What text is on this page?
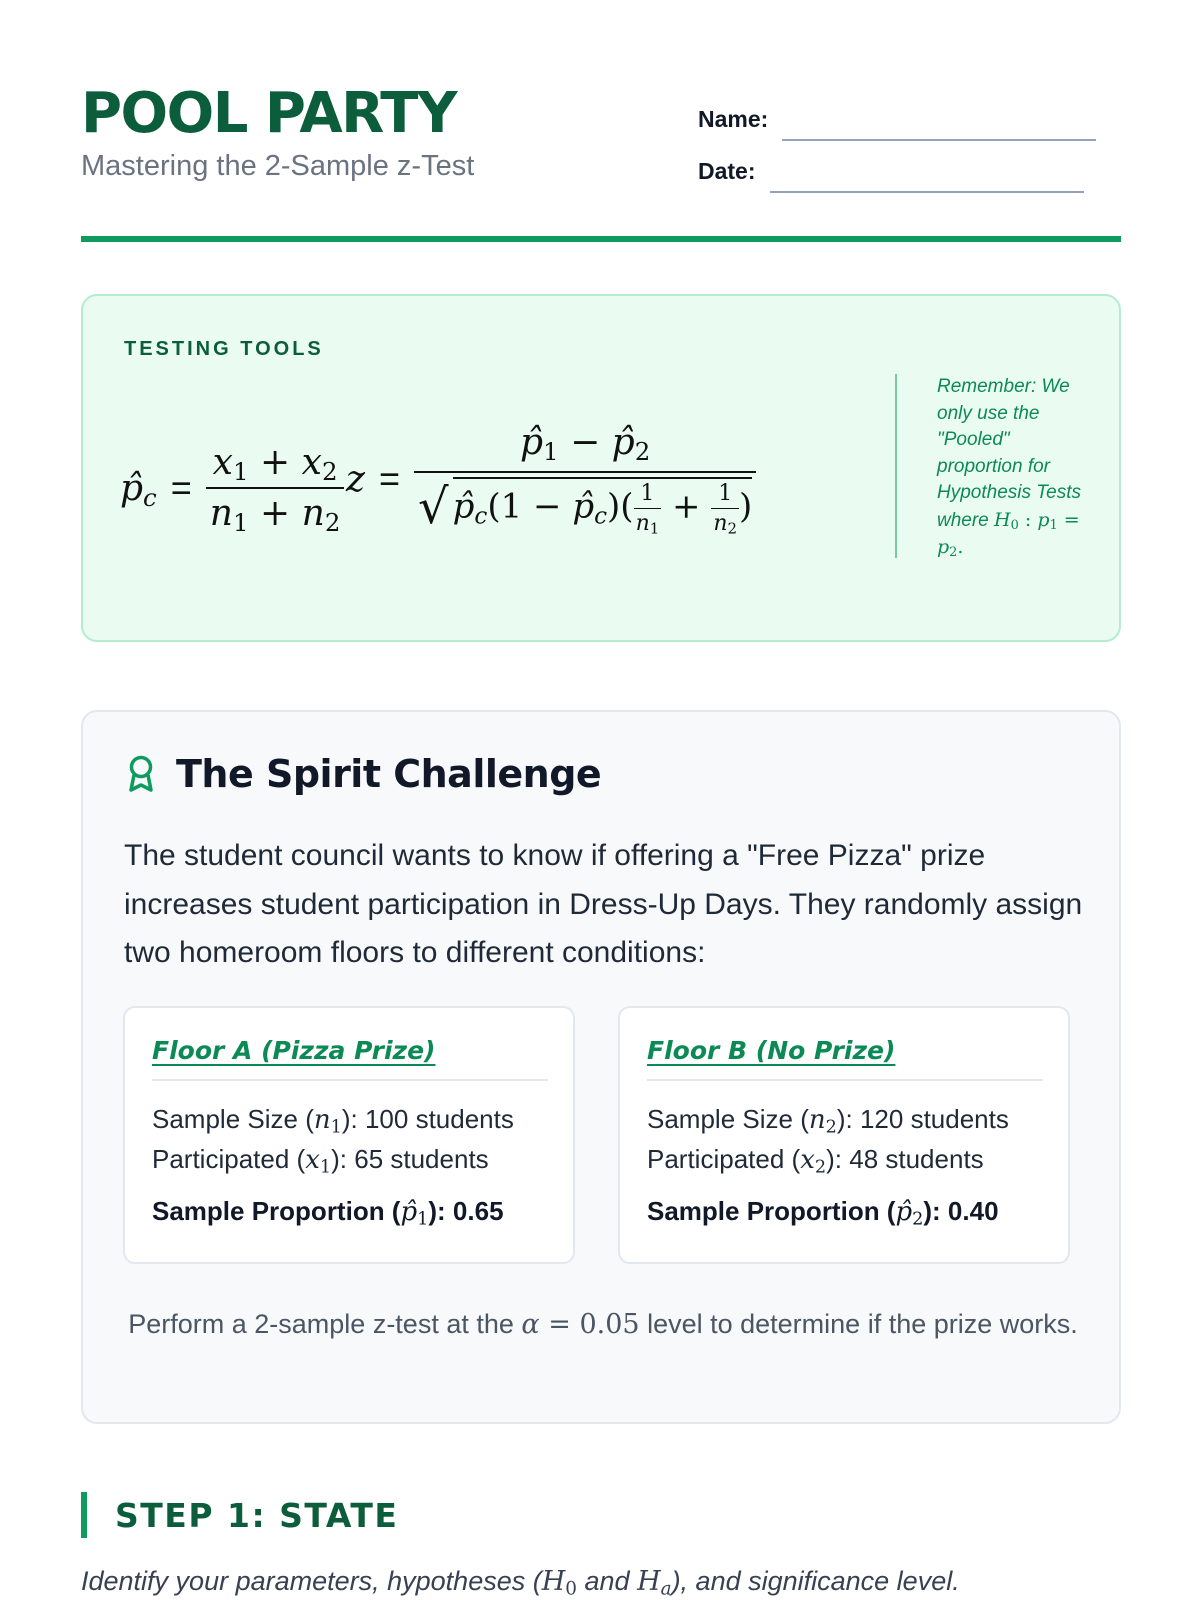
POOL PARTY
Mastering the 2-Sample z-Test
Name:
Date:
TESTING TOOLS
$p̂_c = \frac{x_1 + x_2}{n_1 + n_2}$ $z = \frac{p̂_1 - p̂_2}{√ p̂_c(1 - p̂_c)( \frac{1}{n_1} + \frac{1}{n_2} )}$
Remember: We only use the "Pooled" proportion for Hypothesis Tests where $H_0$ : $p_1 = p_2$.
The Spirit Challenge

The student council wants to know if offering a "Free Pizza" prize increases student participation in Dress-Up Days. They randomly assign two homeroom floors to different conditions:

Floor A (Pizza Prize)
Sample Size $(n_1)$: 100 students
Participated $(x_1)$: 65 students
Sample Proportion $(p̂_1)$: 0.65
Floor B (No Prize)
Sample Size $(n_2)$: 120 students
Participated $(x_2)$: 48 students
Sample Proportion $(p̂_2)$: 0.40
Perform a 2-sample z-test at the α = 0.05 level to determine if the prize works.
STEP 1: STATE
Identify your parameters, hypotheses ($H_0$ and $H_a$), and significance level.
